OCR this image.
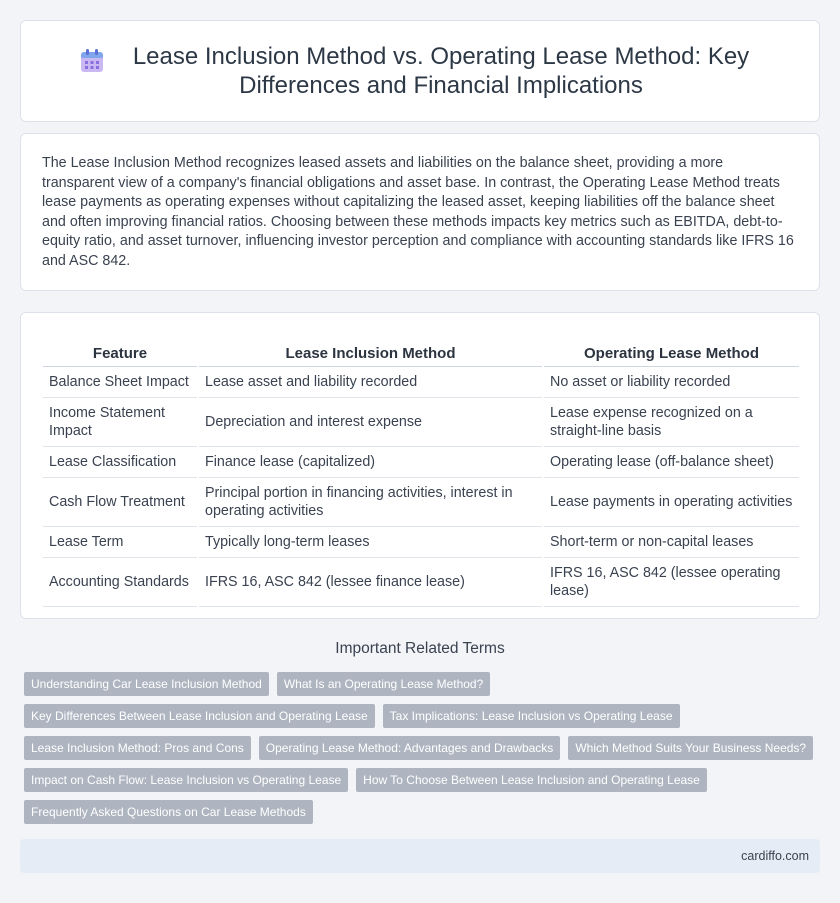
Lease Inclusion Method vs. Operating Lease Method: Key Differences and Financial Implications

The Lease Inclusion Method recognizes leased assets and liabilities on the balance sheet, providing a more transparent view of a company's financial obligations and asset base. In contrast, the Operating Lease Method treats lease payments as operating expenses without capitalizing the leased asset, keeping liabilities off the balance sheet and often improving financial ratios. Choosing between these methods impacts key metrics such as EBITDA, debt-to-equity ratio, and asset turnover, influencing investor perception and compliance with accounting standards like IFRS 16 and ASC 842.

Feature	Lease Inclusion Method	Operating Lease Method
Balance Sheet Impact	Lease asset and liability recorded	No asset or liability recorded
Income Statement Impact	Depreciation and interest expense	Lease expense recognized on a straight-line basis
Lease Classification	Finance lease (capitalized)	Operating lease (off-balance sheet)
Cash Flow Treatment	Principal portion in financing activities, interest in operating activities	Lease payments in operating activities
Lease Term	Typically long-term leases	Short-term or non-capital leases
Accounting Standards	IFRS 16, ASC 842 (lessee finance lease)	IFRS 16, ASC 842 (lessee operating lease)
Important Related Terms
Understanding Car Lease Inclusion Method	What Is an Operating Lease Method?
Key Differences Between Lease Inclusion and Operating Lease	Tax Implications: Lease Inclusion vs Operating Lease
Lease Inclusion Method: Pros and Cons	Operating Lease Method: Advantages and Drawbacks	Which Method Suits Your Business Needs?
Impact on Cash Flow: Lease Inclusion vs Operating Lease	How To Choose Between Lease Inclusion and Operating Lease
Frequently Asked Questions on Car Lease Methods
cardiffo.com
